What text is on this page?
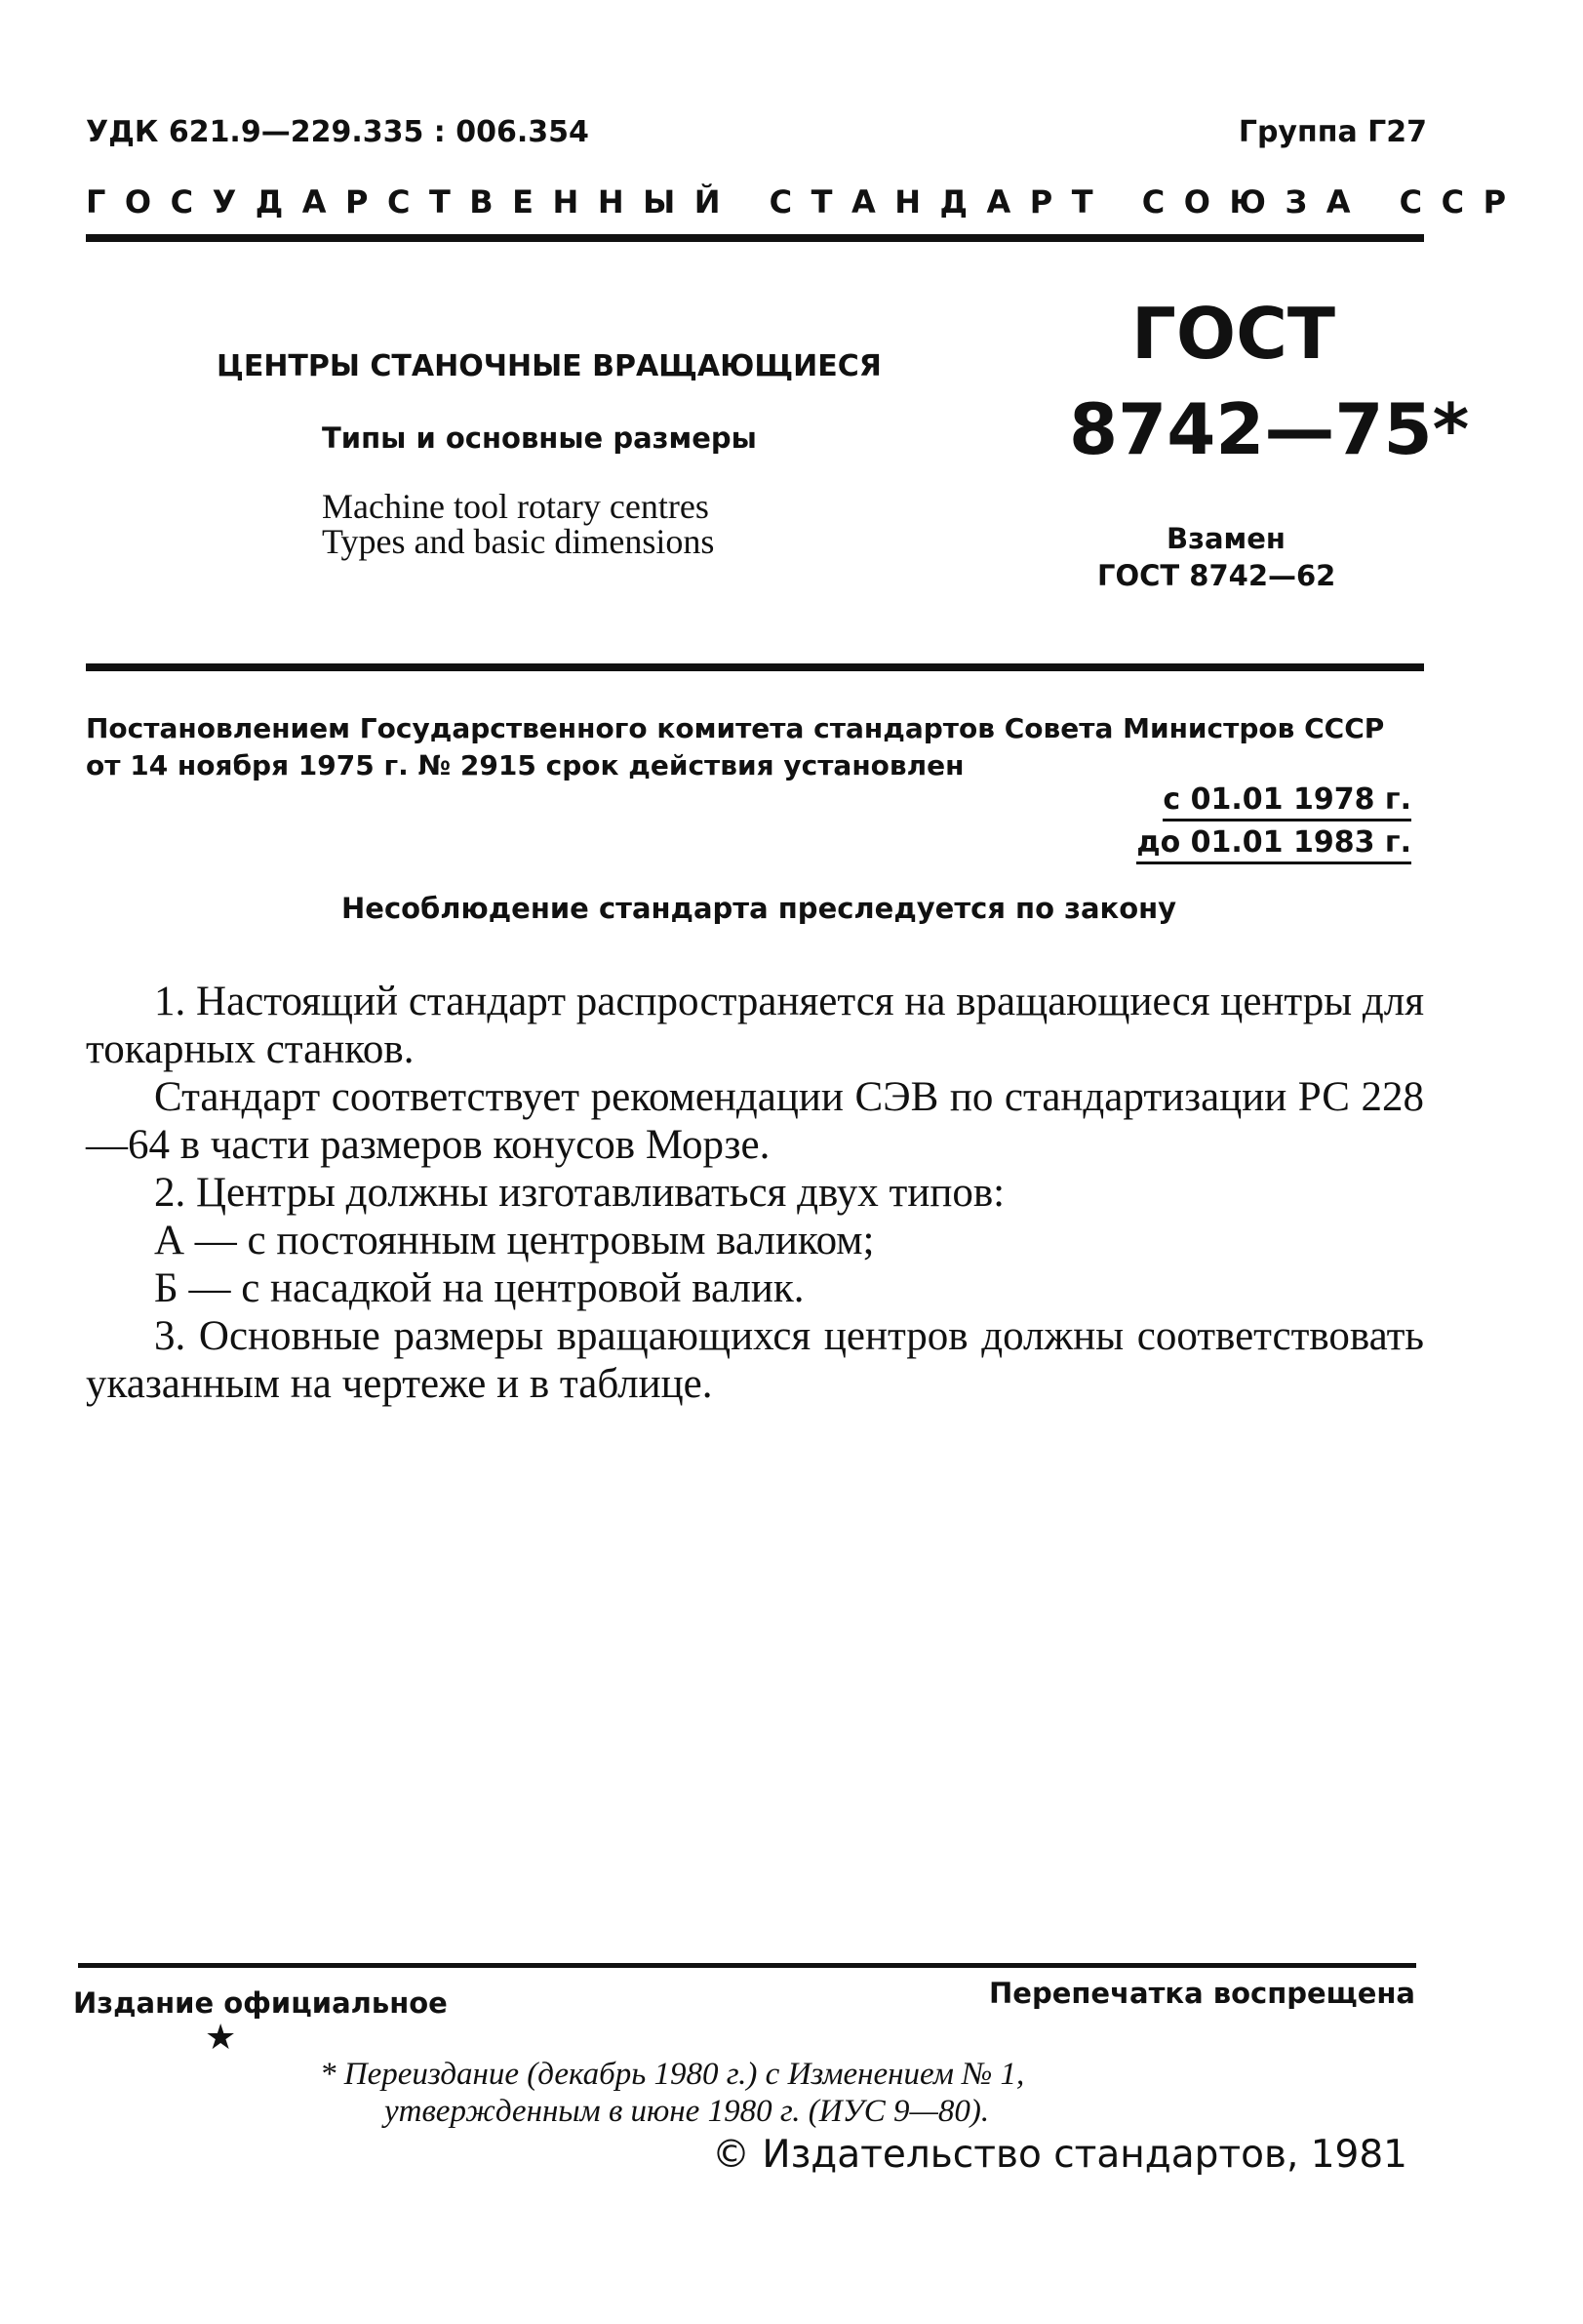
УДК 621.9—229.335 : 006.354	Группа Г27
ГОСУДАРСТВЕННЫЙ СТАНДАРТ СОЮЗА ССР
ЦЕНТРЫ СТАНОЧНЫЕ ВРАЩАЮЩИЕСЯ
Типы и основные размеры
Machine tool rotary centres
Types and basic dimensions
ГОСТ
8742—75*
Взамен
ГОСТ 8742—62
Постановлением Государственного комитета стандартов Совета Министров СССР
от 14 ноября 1975 г. № 2915 срок действия установлен
с 01.01 1978 г.
до 01.01 1983 г.
Несоблюдение стандарта преследуется по закону

1. Настоящий стандарт распространяется на вращающиеся центры для токарных станков.

Стандарт соответствует рекомендации СЭВ по стандартизации РС 228—64 в части размеров конусов Морзе.

2. Центры должны изготавливаться двух типов:

А — с постоянным центровым валиком;

Б — с насадкой на центровой валик.

3. Основные размеры вращающихся центров должны соответствовать указанным на чертеже и в таблице.

Издание официальное
★
Перепечатка воспрещена
* Переиздание (декабрь 1980 г.) с Изменением № 1,
утвержденным в июне 1980 г. (ИУС 9—80).
© Издательство стандартов, 1981
